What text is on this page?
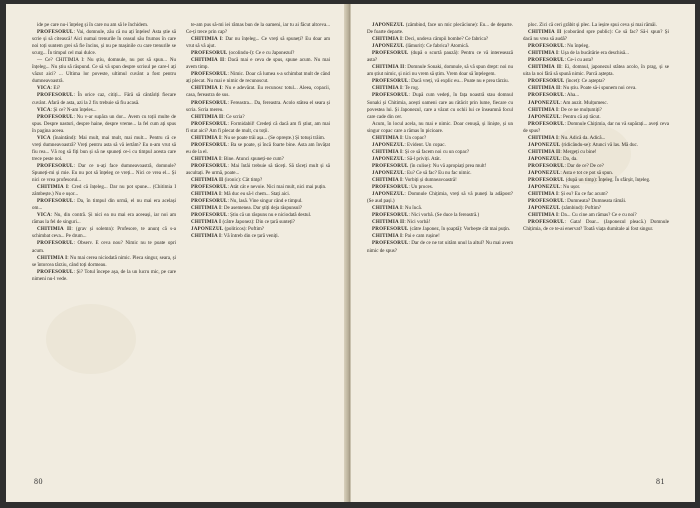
ide pe care nu-i înțeleg și în care nu am să le închidem.

PROFESORUL: Vai, domnule, zău că nu ați înțeles! Asta știe să scrie și să citească! Aici numai trenurile în ceasul său frumos în care noi toți suntem grei să fie încins, și nu pe mașinile cu care trenurile se scurg... În timpul cel mai dulce.

— Ce? CHITIMIA I: Nu știu, domnule, nu pot să spun... Nu înțeleg... Nu știu să răspund. Ce să vă spun despre scrisul pe care-l ați văzut aici? ... Ultima lor poveste, ultimul cuvânt a fost pentru dumneavoastră.

VICA: Ei?

PROFESORUL: În orice caz, citiți... Fără să cântăriți fiecare cuvânt. Afară de asta, azi la 2 fix trebuie să fiu acasă.

VICA: Și ce? N-am înțeles...

PROFESORUL: Nu v-ar supăra un dor... Avem cu toții multe de spus. Despre nasturi, despre haine, despre vreme... la fel cum ați spus în pagina aceea.

VICA (înaintând): Mai mult, mai mult, mai mult... Pentru că ce vreți dumneavoastră? Vreți pentru asta să vă iertăm? Eu n-am vrut să fiu rea... Vă rog să fiți bun și să ne spuneți ce-i cu timpul acesta care trece peste noi.

PROFESORUL: Dar ce n-ați face dumneavoastră, domnule? Spuneți-mi și mie. Eu nu pot să înțeleg ce vreți... Nici ce vrea el... Și nici ce vrea profesorul...

CHITIMIA I: Cred că înțeleg... Dar nu pot spune... (Chitimia I zâmbește.) Nu e ușor...

PROFESORUL: Da, în timpul din urmă, el nu mai era același om...

VICA: Nu, din contră. Și nici ea nu mai era aceeași, iar noi am rămas la fel de singuri...

CHITIMIA II: (grav și solemn): Profesore, te anunț că s-a schimbat ceva... Pe drum...

PROFESORUL: Observ. E ceva nou? Nimic nu te poate opri acum.

CHITIMIA I: Nu mai cerea niciodată nimic. Pleca singur, seara, și se întorcea târziu, când toți dormeau.

PROFESORUL: Și? Totul începe așa, de la un lucru mic, pe care nimeni nu-l vede.

te-am pus să-mi iei rămas bun de la oameni, iar tu ai făcut altceva... Ce-ți trece prin cap?

CHITIMIA I: Dar nu înțeleg... Ce vreți să spuneți? Eu doar am vrut să vă ajut.

PROFESORUL (ocolindu-l): Ce e cu Japonezul?

CHITIMIA II: Dacă mai e ceva de spus, spune acum. Nu mai avem timp.

PROFESORUL: Nimic. Doar că lumea s-a schimbat mult de când ați plecat. Nu mai e nimic de recunoscut.

CHITIMIA I: Nu e adevărat. Eu recunosc totul... Aleea, copacii, casa, fereastra de sus.

PROFESORUL: Fereastra... Da, fereastra. Acolo stătea el seara și scria. Scria mereu.

CHITIMIA II: Ce scria?

PROFESORUL: Formidabil! Credeți că dacă am fi știut, am mai fi stat aici? Am fi plecat de mult, cu toții.

CHITIMIA I: Nu se poate trăi așa... (Se oprește.) Și totuși trăim.

PROFESORUL: Ba se poate, și încă foarte bine. Asta am învățat eu de la el.

CHITIMIA I: Bine. Atunci spuneți-ne cum?

PROFESORUL: Mai întâi trebuie să tăceți. Să tăceți mult și să ascultați. Pe urmă, poate...

CHITIMIA II (ironic): Cât timp?

PROFESORUL: Atât cât e nevoie. Nici mai mult, nici mai puțin.

CHITIMIA I: Mă duc eu să-l chem... Stați aici.

PROFESORUL: Nu, lasă. Vine singur când e timpul.

CHITIMIA I: De asemenea. Dar știți deja răspunsul?

PROFESORUL: Știu că un răspuns nu e niciodată destul.

CHITIMIA I (către Japonez): Din ce țară sunteți?

JAPONEZUL (politicos): Poftim?

CHITIMIA I: Vă întreb din ce țară veniți.

80

JAPONEZUL (zâmbind, face un mic plecăciune): Eu... de departe. De foarte departe.

CHITIMIA I: Deci, undeva câmpii bombe? Ce fabrica?

JAPONEZUL (lămurit): Ce fabrica? Atomică.

PROFESORUL (după o scurtă pauză): Pentru ce vă interesează asta?

CHITIMIA II: Domnule Sonaki, domnule, să vă spun drept: noi nu am știut nimic, și nici nu vrem să știm. Vrem doar să înțelegem.

PROFESORUL: Dacă vreți, vă explic eu... Poate nu e prea târziu.

CHITIMIA I: Te rog.

PROFESORUL: După cum vedeți, în fața noastră stau domnul Sonaki și Chitimia, acești oameni care au rătăcit prin lume, fiecare cu povestea lui. Și Japonezul, care a văzut cu ochii lui ce înseamnă focul care cade din cer.

Acum, în locul acela, nu mai e nimic. Doar cenușă, și liniște, și un singur copac care a rămas în picioare.

CHITIMIA I: Un copac?

JAPONEZUL: Evident. Un copac.

CHITIMIA I: Și ce să facem noi cu un copac?

JAPONEZUL: Să-l priviți. Atât.

PROFESORUL (în culise): Nu vă apropiați prea mult!

JAPONEZUL: Eu? Ce să fac? Eu nu fac nimic.

CHITIMIA I: Vorbiți și dumneavoastră!

PROFESORUL: Un proces.

JAPONEZUL: Domnule Chițimia, vreți să vă puneți la adăpost? (Se aud pași.)

CHITIMIA I: Nu încă.

PROFESORUL: Nici vorbă. (Se duce la fereastră.)

CHITIMIA II: Nici vorbă!

PROFESORUL (către Japonez, în șoaptă): Vorbește cât mai puțin.

CHITIMIA I: Pai e cam rușine!

PROFESORUL: Dar de ce ne tot uităm unul la altul? Nu mai avem nimic de spus?

ploc. Zici că ceri grâbit și plec. La ieșire spui ceva și mai rămâi.

CHITIMIA II (coborând spre public): Ce să fac? Să-i spun? Și dacă nu vrea să audă?

PROFESORUL: Nu înțeleg.

CHITIMIA I: Ușa de la bucătărie era deschisă...

PROFESORUL: Ce-i cu asta?

CHITIMIA II: Ei, domnul, japonezul stătea acolo, în prag, și se uita la noi fără să spună nimic. Parcă aștepta.

PROFESORUL (încet): Ce aștepta?

CHITIMIA II: Nu știu. Poate să-i spunem noi ceva.

PROFESORUL: Aha...

JAPONEZUL: Am auzit. Mulțumesc.

CHITIMIA I: De ce ne mulțumiți?

JAPONEZUL: Pentru că ați tăcut.

PROFESORUL: Domnule Chițimia, dar nu vă supărați... aveți ceva de spus?

CHITIMIA I: Nu. Adică da. Adică...

JAPONEZUL (ridicându-se): Atunci vă las. Mă duc.

CHITIMIA II: Mergeți cu bine!

JAPONEZUL: Da, da.

PROFESORUL: Dar de ce? De ce?

JAPONEZUL: Asta e tot ce pot să spun.

PROFESORUL (după un timp): Înțeleg. În sfârșit, înțeleg.

JAPONEZUL: Nu ușor.

CHITIMIA I: Și eu? Eu ce fac acum?

PROFESORUL: Dumneata? Dumneata rămâi.

JAPONEZUL (zâmbind): Poftim?

CHITIMIA I: Da... Cu cine am rămas? Ce e cu noi?

PROFESORUL: Gata! Doar... (Japonezul pleacă.) Domnule Chițimia, de ce te-ai enervat? Toată viața dumitale ai fost singur.

81
